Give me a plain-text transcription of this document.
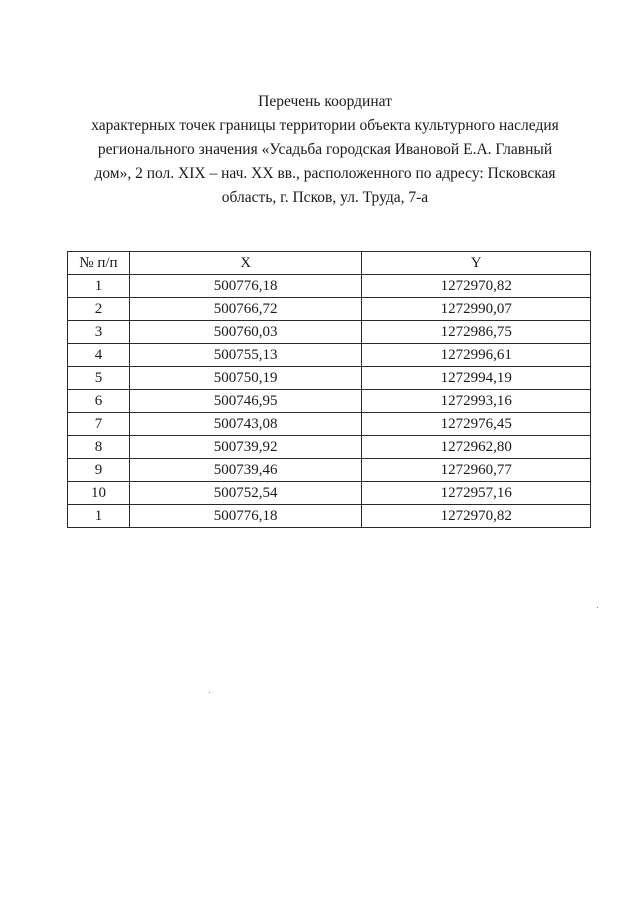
Перечень координат
характерных точек границы территории объекта культурного наследия
регионального значения «Усадьба городская Ивановой Е.А. Главный
дом», 2 пол. XIX – нач. XX вв., расположенного по адресу: Псковская
область, г. Псков, ул. Труда, 7-а
№ п/п	X	Y
1	500776,18	1272970,82
2	500766,72	1272990,07
3	500760,03	1272986,75
4	500755,13	1272996,61
5	500750,19	1272994,19
6	500746,95	1272993,16
7	500743,08	1272976,45
8	500739,92	1272962,80
9	500739,46	1272960,77
10	500752,54	1272957,16
1	500776,18	1272970,82
